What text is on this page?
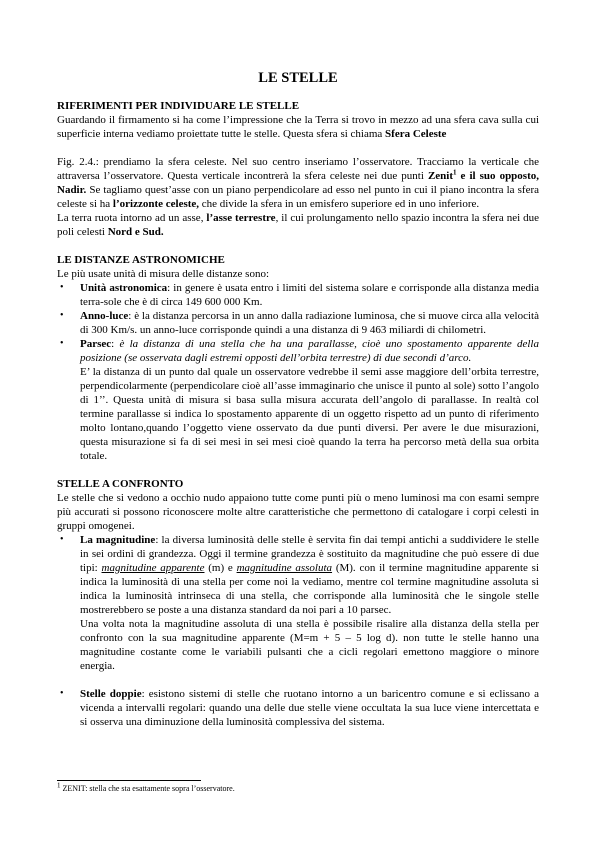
LE STELLE
RIFERIMENTI PER INDIVIDUARE LE STELLE

Guardando il firmamento si ha come l’impressione che la Terra si trovo in mezzo ad una sfera cava sulla cui superficie interna vediamo proiettate tutte le stelle. Questa sfera si chiama Sfera Celeste

Fig. 2.4.: prendiamo la sfera celeste. Nel suo centro inseriamo l’osservatore. Tracciamo la verticale che attraversa l’osservatore. Questa verticale incontrerà la sfera celeste nei due punti Zenit$^1$ e il suo opposto, Nadir. Se tagliamo quest’asse con un piano perpendicolare ad esso nel punto in cui il piano incontra la sfera celeste si ha l’orizzonte celeste, che divide la sfera in un emisfero superiore ed in uno inferiore.

La terra ruota intorno ad un asse, l’asse terrestre, il cui prolungamento nello spazio incontra la sfera nei due poli celesti Nord e Sud.

LE DISTANZE ASTRONOMICHE

Le più usate unità di misura delle distanze sono:

• Unità astronomica: in genere è usata entro i limiti del sistema solare e corrisponde alla distanza media terra-sole che è di circa 149 600 000 Km.
• Anno-luce: è la distanza percorsa in un anno dalla radiazione luminosa, che si muove circa alla velocità di 300 Km/s. un anno-luce corrisponde quindi a una distanza di 9 463 miliardi di chilometri.
• Parsec: è la distanza di una stella che ha una parallasse, cioè uno spostamento apparente della posizione (se osservata dagli estremi opposti dell’orbita terrestre) di due secondi d’arco.
E’ la distanza di un punto dal quale un osservatore vedrebbe il semi asse maggiore dell’orbita terrestre, perpendicolarmente (perpendicolare cioè all’asse immaginario che unisce il punto al sole) sotto l’angolo di 1’’. Questa unità di misura si basa sulla misura accurata dell’angolo di parallasse. In realtà col termine parallasse si indica lo spostamento apparente di un oggetto rispetto ad un punto di riferimento molto lontano,quando l’oggetto viene osservato da due punti diversi. Per avere le due misurazioni, questa misurazione si fa di sei mesi in sei mesi cioè quando la terra ha percorso metà della sua orbita totale.
STELLE A CONFRONTO

Le stelle che si vedono a occhio nudo appaiono tutte come punti più o meno luminosi ma con esami sempre più accurati si possono riconoscere molte altre caratteristiche che permettono di catalogare i corpi celesti in gruppi omogenei.

• La magnitudine: la diversa luminosità delle stelle è servita fin dai tempi antichi a suddividere le stelle in sei ordini di grandezza. Oggi il termine grandezza è sostituito da magnitudine che può essere di due tipi: magnitudine apparente (m) e magnitudine assoluta (M). con il termine magnitudine apparente si indica la luminosità di una stella per come noi la vediamo, mentre col termine magnitudine assoluta si indica la luminosità intrinseca di una stella, che corrisponde alla luminosità che le singole stelle mostrerebbero se poste a una distanza standard da noi pari a 10 parsec.
Una volta nota la magnitudine assoluta di una stella è possibile risalire alla distanza della stella per confronto con la sua magnitudine apparente (M=m + 5 – 5 log d). non tutte le stelle hanno una magnitudine costante come le variabili pulsanti che a cicli regolari emettono maggiore o minore energia.
• Stelle doppie: esistono sistemi di stelle che ruotano intorno a un baricentro comune e si eclissano a vicenda a intervalli regolari: quando una delle due stelle viene occultata la sua luce viene intercettata e si osserva una diminuzione della luminosità complessiva del sistema.
$^1$ ZENIT: stella che sta esattamente sopra l’osservatore.
